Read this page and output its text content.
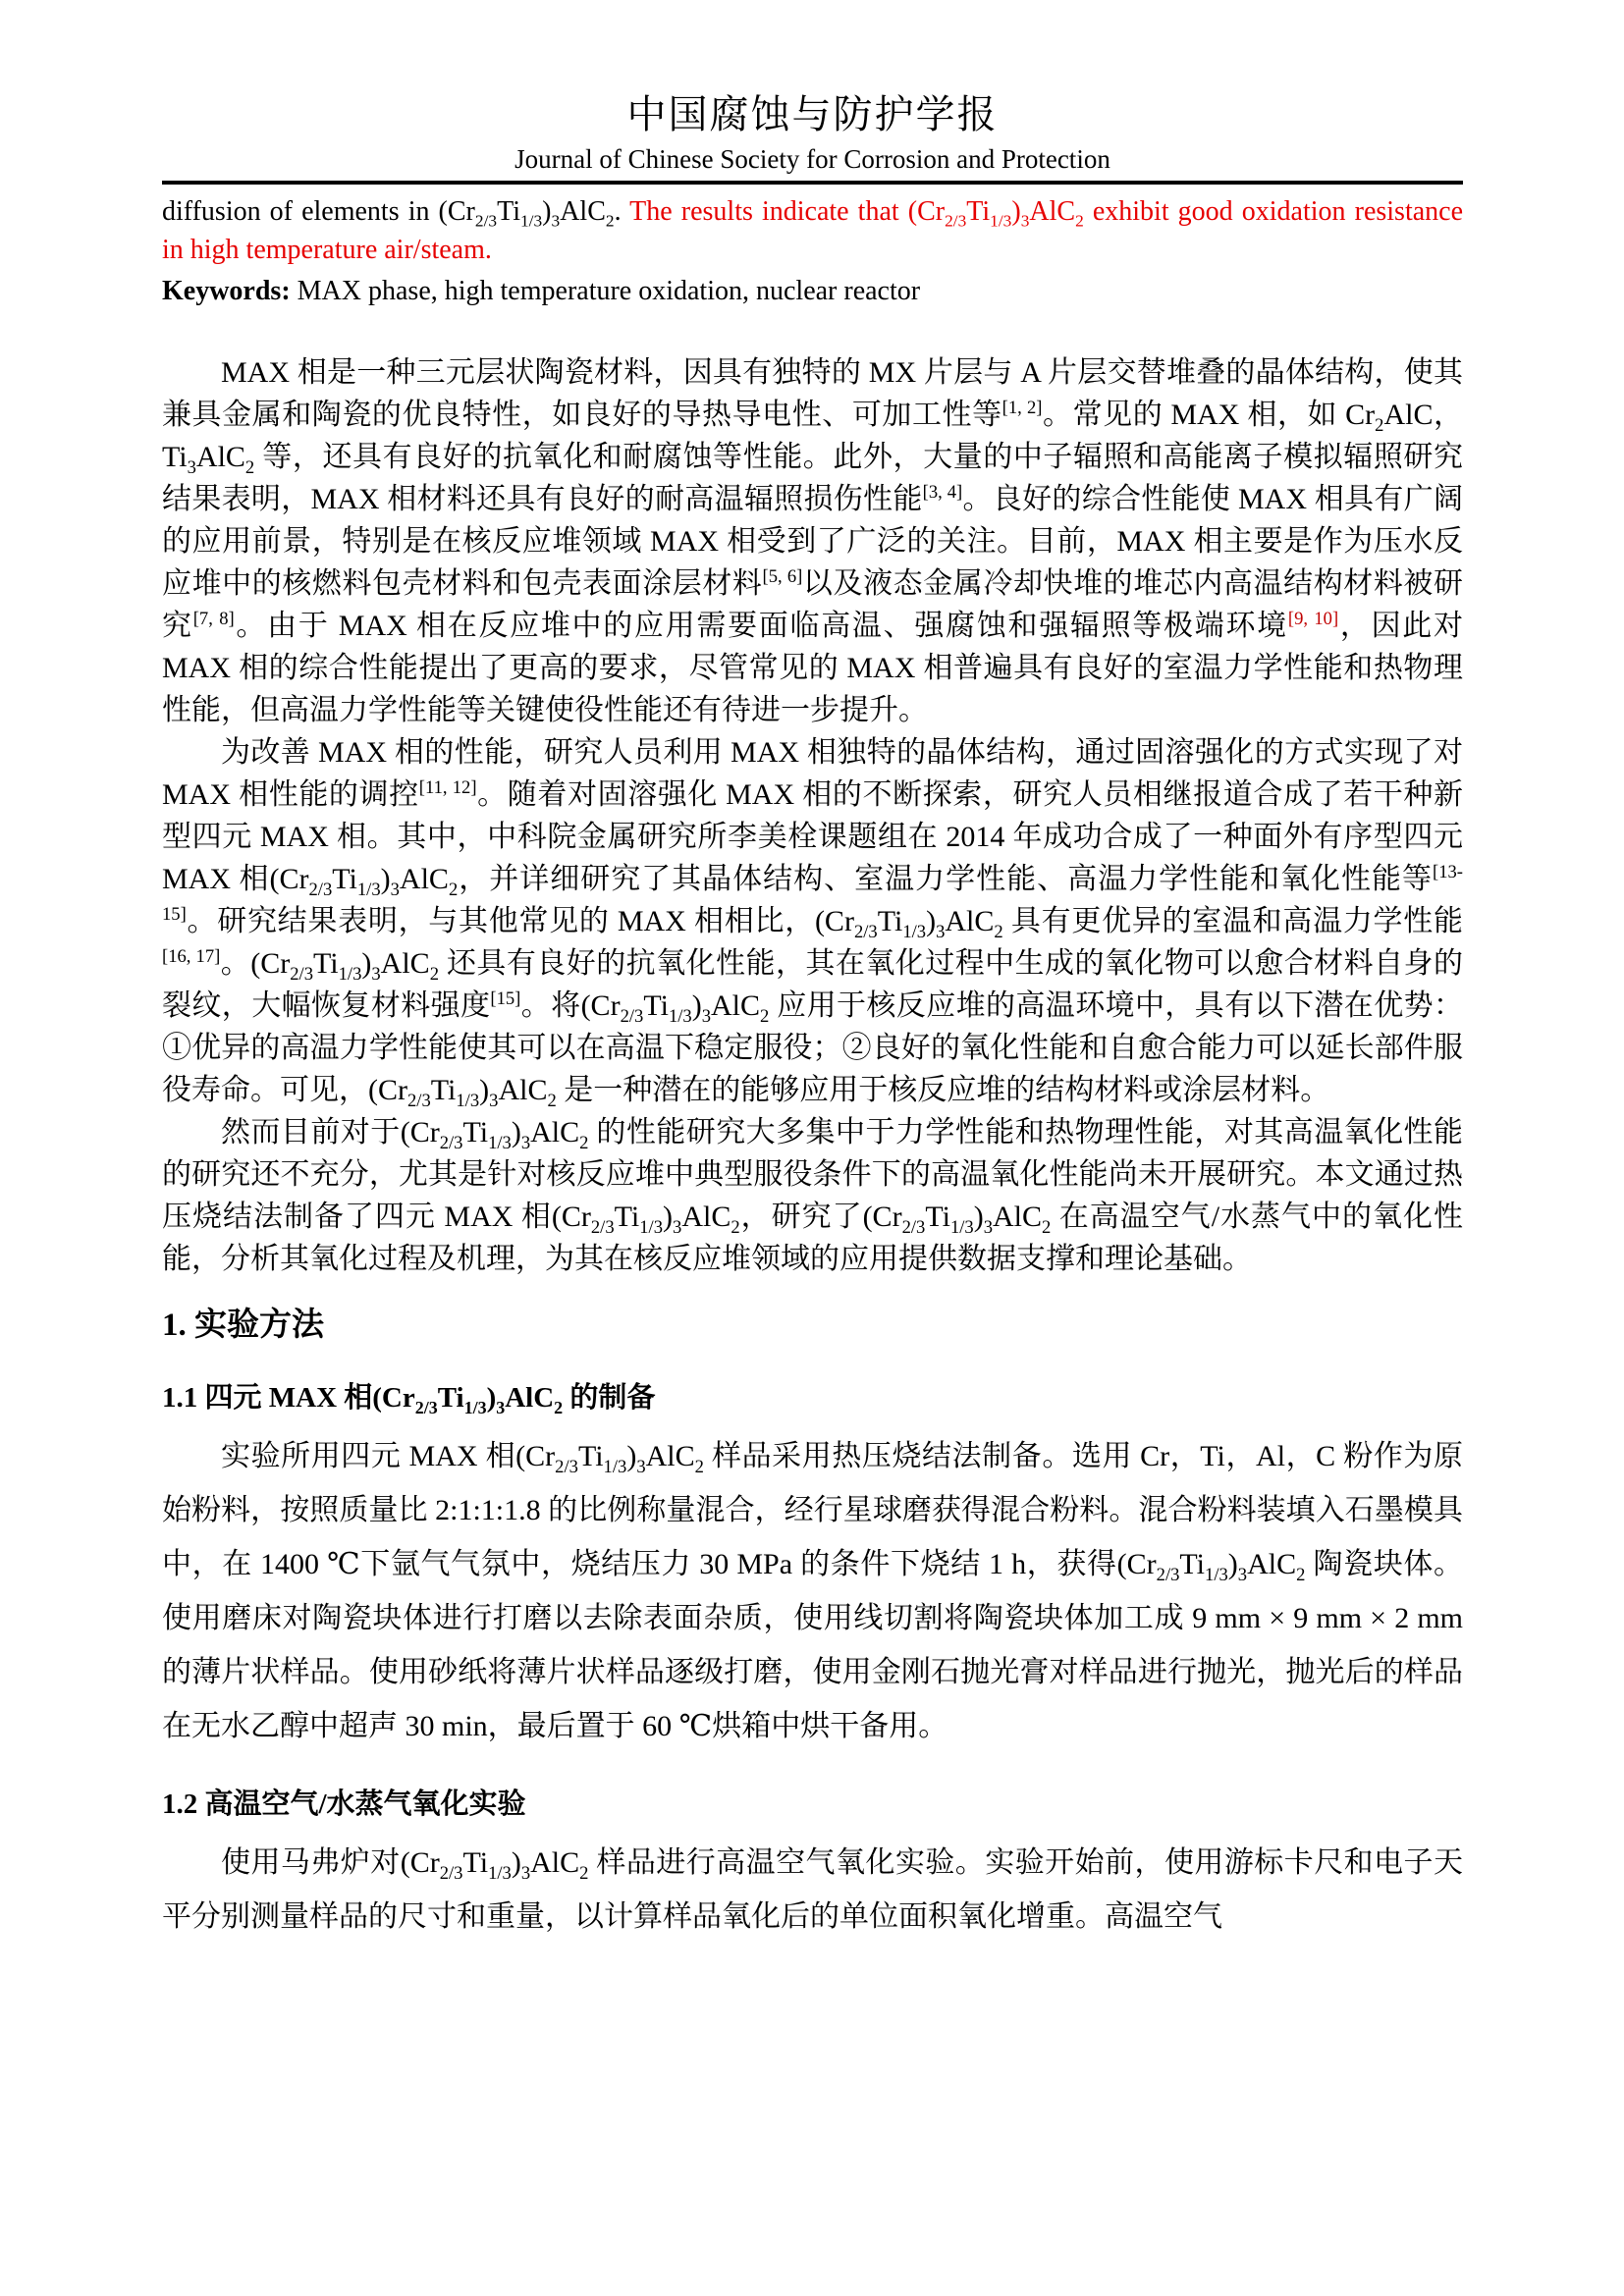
中国腐蚀与防护学报
Journal of Chinese Society for Corrosion and Protection

diffusion of elements in $(Cr_{2/3}Ti_{1/3})_3AlC_2$. The results indicate that $(Cr_{2/3}Ti_{1/3})_3AlC_2$ exhibit good oxidation resistance in high temperature air/steam.

Keywords: MAX phase, high temperature oxidation, nuclear reactor

MAX 相是一种三元层状陶瓷材料，因具有独特的 MX 片层与 A 片层交替堆叠的晶体结构，使其兼具金属和陶瓷的优良特性，如良好的导热导电性、可加工性等[1, 2]。常见的 MAX 相，如 $Cr_2AlC$，$Ti_3AlC_2$ 等，还具有良好的抗氧化和耐腐蚀等性能。此外，大量的中子辐照和高能离子模拟辐照研究结果表明，MAX 相材料还具有良好的耐高温辐照损伤性能[3, 4]。良好的综合性能使 MAX 相具有广阔的应用前景，特别是在核反应堆领域 MAX 相受到了广泛的关注。目前，MAX 相主要是作为压水反应堆中的核燃料包壳材料和包壳表面涂层材料[5, 6]以及液态金属冷却快堆的堆芯内高温结构材料被研究[7, 8]。由于 MAX 相在反应堆中的应用需要面临高温、强腐蚀和强辐照等极端环境[9, 10]，因此对 MAX 相的综合性能提出了更高的要求，尽管常见的 MAX 相普遍具有良好的室温力学性能和热物理性能，但高温力学性能等关键使役性能还有待进一步提升。

为改善 MAX 相的性能，研究人员利用 MAX 相独特的晶体结构，通过固溶强化的方式实现了对 MAX 相性能的调控[11, 12]。随着对固溶强化 MAX 相的不断探索，研究人员相继报道合成了若干种新型四元 MAX 相。其中，中科院金属研究所李美栓课题组在 2014 年成功合成了一种面外有序型四元 MAX 相$(Cr_{2/3}Ti_{1/3})_3AlC_2$，并详细研究了其晶体结构、室温力学性能、高温力学性能和氧化性能等[13-15]。研究结果表明，与其他常见的 MAX 相相比，$(Cr_{2/3}Ti_{1/3})_3AlC_2$ 具有更优异的室温和高温力学性能[16, 17]。$(Cr_{2/3}Ti_{1/3})_3AlC_2$ 还具有良好的抗氧化性能，其在氧化过程中生成的氧化物可以愈合材料自身的裂纹，大幅恢复材料强度[15]。将$(Cr_{2/3}Ti_{1/3})_3AlC_2$ 应用于核反应堆的高温环境中，具有以下潜在优势：①优异的高温力学性能使其可以在高温下稳定服役；②良好的氧化性能和自愈合能力可以延长部件服役寿命。可见，$(Cr_{2/3}Ti_{1/3})_3AlC_2$ 是一种潜在的能够应用于核反应堆的结构材料或涂层材料。

然而目前对于$(Cr_{2/3}Ti_{1/3})_3AlC_2$ 的性能研究大多集中于力学性能和热物理性能，对其高温氧化性能的研究还不充分，尤其是针对核反应堆中典型服役条件下的高温氧化性能尚未开展研究。本文通过热压烧结法制备了四元 MAX 相$(Cr_{2/3}Ti_{1/3})_3AlC_2$，研究了$(Cr_{2/3}Ti_{1/3})_3AlC_2$ 在高温空气/水蒸气中的氧化性能，分析其氧化过程及机理，为其在核反应堆领域的应用提供数据支撑和理论基础。

1. 实验方法
1.1 四元 MAX 相$(Cr_{2/3}Ti_{1/3})_3AlC_2$ 的制备

实验所用四元 MAX 相$(Cr_{2/3}Ti_{1/3})_3AlC_2$ 样品采用热压烧结法制备。选用 Cr，Ti，Al，C 粉作为原始粉料，按照质量比 2:1:1:1.8 的比例称量混合，经行星球磨获得混合粉料。混合粉料装填入石墨模具中，在 1400 ℃下氩气气氛中，烧结压力 30 MPa 的条件下烧结 1 h，获得$(Cr_{2/3}Ti_{1/3})_3AlC_2$ 陶瓷块体。使用磨床对陶瓷块体进行打磨以去除表面杂质，使用线切割将陶瓷块体加工成 9 mm × 9 mm × 2 mm 的薄片状样品。使用砂纸将薄片状样品逐级打磨，使用金刚石抛光膏对样品进行抛光，抛光后的样品在无水乙醇中超声 30 min，最后置于 60 ℃烘箱中烘干备用。

1.2 高温空气/水蒸气氧化实验

使用马弗炉对$(Cr_{2/3}Ti_{1/3})_3AlC_2$ 样品进行高温空气氧化实验。实验开始前，使用游标卡尺和电子天平分别测量样品的尺寸和重量，以计算样品氧化后的单位面积氧化增重。高温空气
